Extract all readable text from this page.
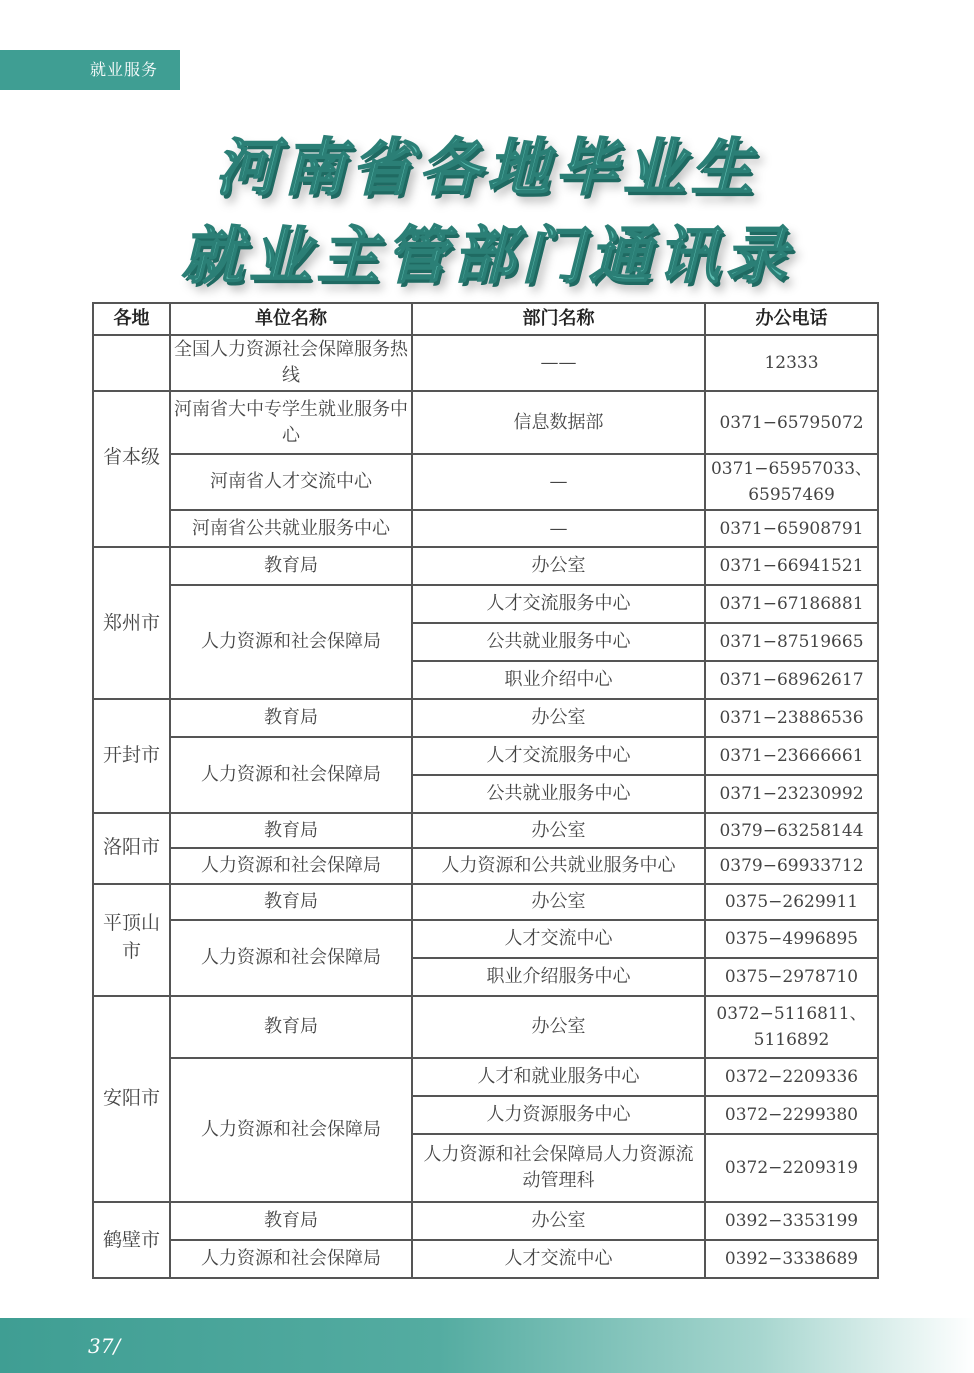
就业服务
河南省各地毕业生
就业主管部门通讯录
各地	单位名称	部门名称	办公电话
	全国人力资源社会保障服务热线	——	12333
省本级	河南省大中专学生就业服务中心	信息数据部	0371−65795072
	河南省人才交流中心	—	0371−65957033、65957469
	河南省公共就业服务中心	—	0371−65908791
郑州市	教育局	办公室	0371−66941521
	人力资源和社会保障局	人才交流服务中心	0371−67186881
		公共就业服务中心	0371−87519665
		职业介绍中心	0371−68962617
开封市	教育局	办公室	0371−23886536
	人力资源和社会保障局	人才交流服务中心	0371−23666661
		公共就业服务中心	0371−23230992
洛阳市	教育局	办公室	0379−63258144
	人力资源和社会保障局	人力资源和公共就业服务中心	0379−69933712
平顶山市	教育局	办公室	0375−2629911
	人力资源和社会保障局	人才交流中心	0375−4996895
		职业介绍服务中心	0375−2978710
安阳市	教育局	办公室	0372−5116811、5116892
	人力资源和社会保障局	人才和就业服务中心	0372−2209336
		人力资源服务中心	0372−2299380
		人力资源和社会保障局人力资源流动管理科	0372−2209319
鹤壁市	教育局	办公室	0392−3353199
	人力资源和社会保障局	人才交流中心	0392−3338689
37/
